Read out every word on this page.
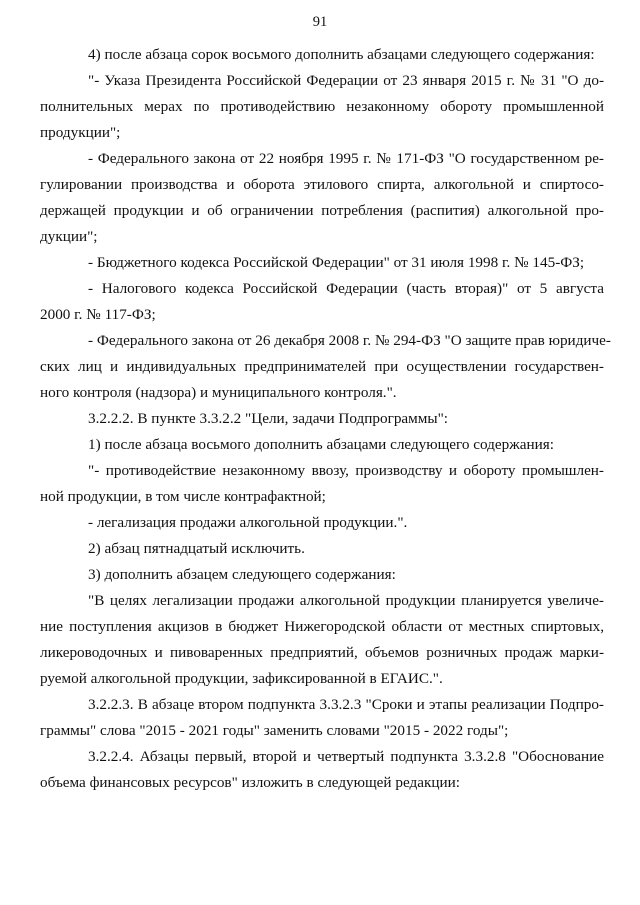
91
4) после абзаца сорок восьмого дополнить абзацами следующего содержания:
"- Указа Президента Российской Федерации от 23 января 2015 г. № 31 "О до-
полнительных мерах по противодействию незаконному обороту промышленной
продукции";
- Федерального закона от 22 ноября 1995 г. № 171-ФЗ "О государственном ре-
гулировании производства и оборота этилового спирта, алкогольной и спиртосо-
держащей продукции и об ограничении потребления (распития) алкогольной про-
дукции";
- Бюджетного кодекса Российской Федерации" от 31 июля 1998 г. № 145-ФЗ;
- Налогового кодекса Российской Федерации (часть вторая)" от 5 августа
2000 г. № 117-ФЗ;
- Федерального закона от 26 декабря 2008 г. № 294-ФЗ "О защите прав юридиче-
ских лиц и индивидуальных предпринимателей при осуществлении государствен-
ного контроля (надзора) и муниципального контроля.".
3.2.2.2. В пункте 3.3.2.2 "Цели, задачи Подпрограммы":
1) после абзаца восьмого дополнить абзацами следующего содержания:
"- противодействие незаконному ввозу, производству и обороту промышлен-
ной продукции, в том числе контрафактной;
- легализация продажи алкогольной продукции.".
2) абзац пятнадцатый исключить.
3) дополнить абзацем следующего содержания:
"В целях легализации продажи алкогольной продукции планируется увеличе-
ние поступления акцизов в бюджет Нижегородской области от местных спиртовых,
ликероводочных и пивоваренных предприятий, объемов розничных продаж марки-
руемой алкогольной продукции, зафиксированной в ЕГАИС.".
3.2.2.3. В абзаце втором подпункта 3.3.2.3 "Сроки и этапы реализации Подпро-
граммы" слова "2015 - 2021 годы" заменить словами "2015 - 2022 годы";
3.2.2.4. Абзацы первый, второй и четвертый подпункта 3.3.2.8 "Обоснование
объема финансовых ресурсов" изложить в следующей редакции:
